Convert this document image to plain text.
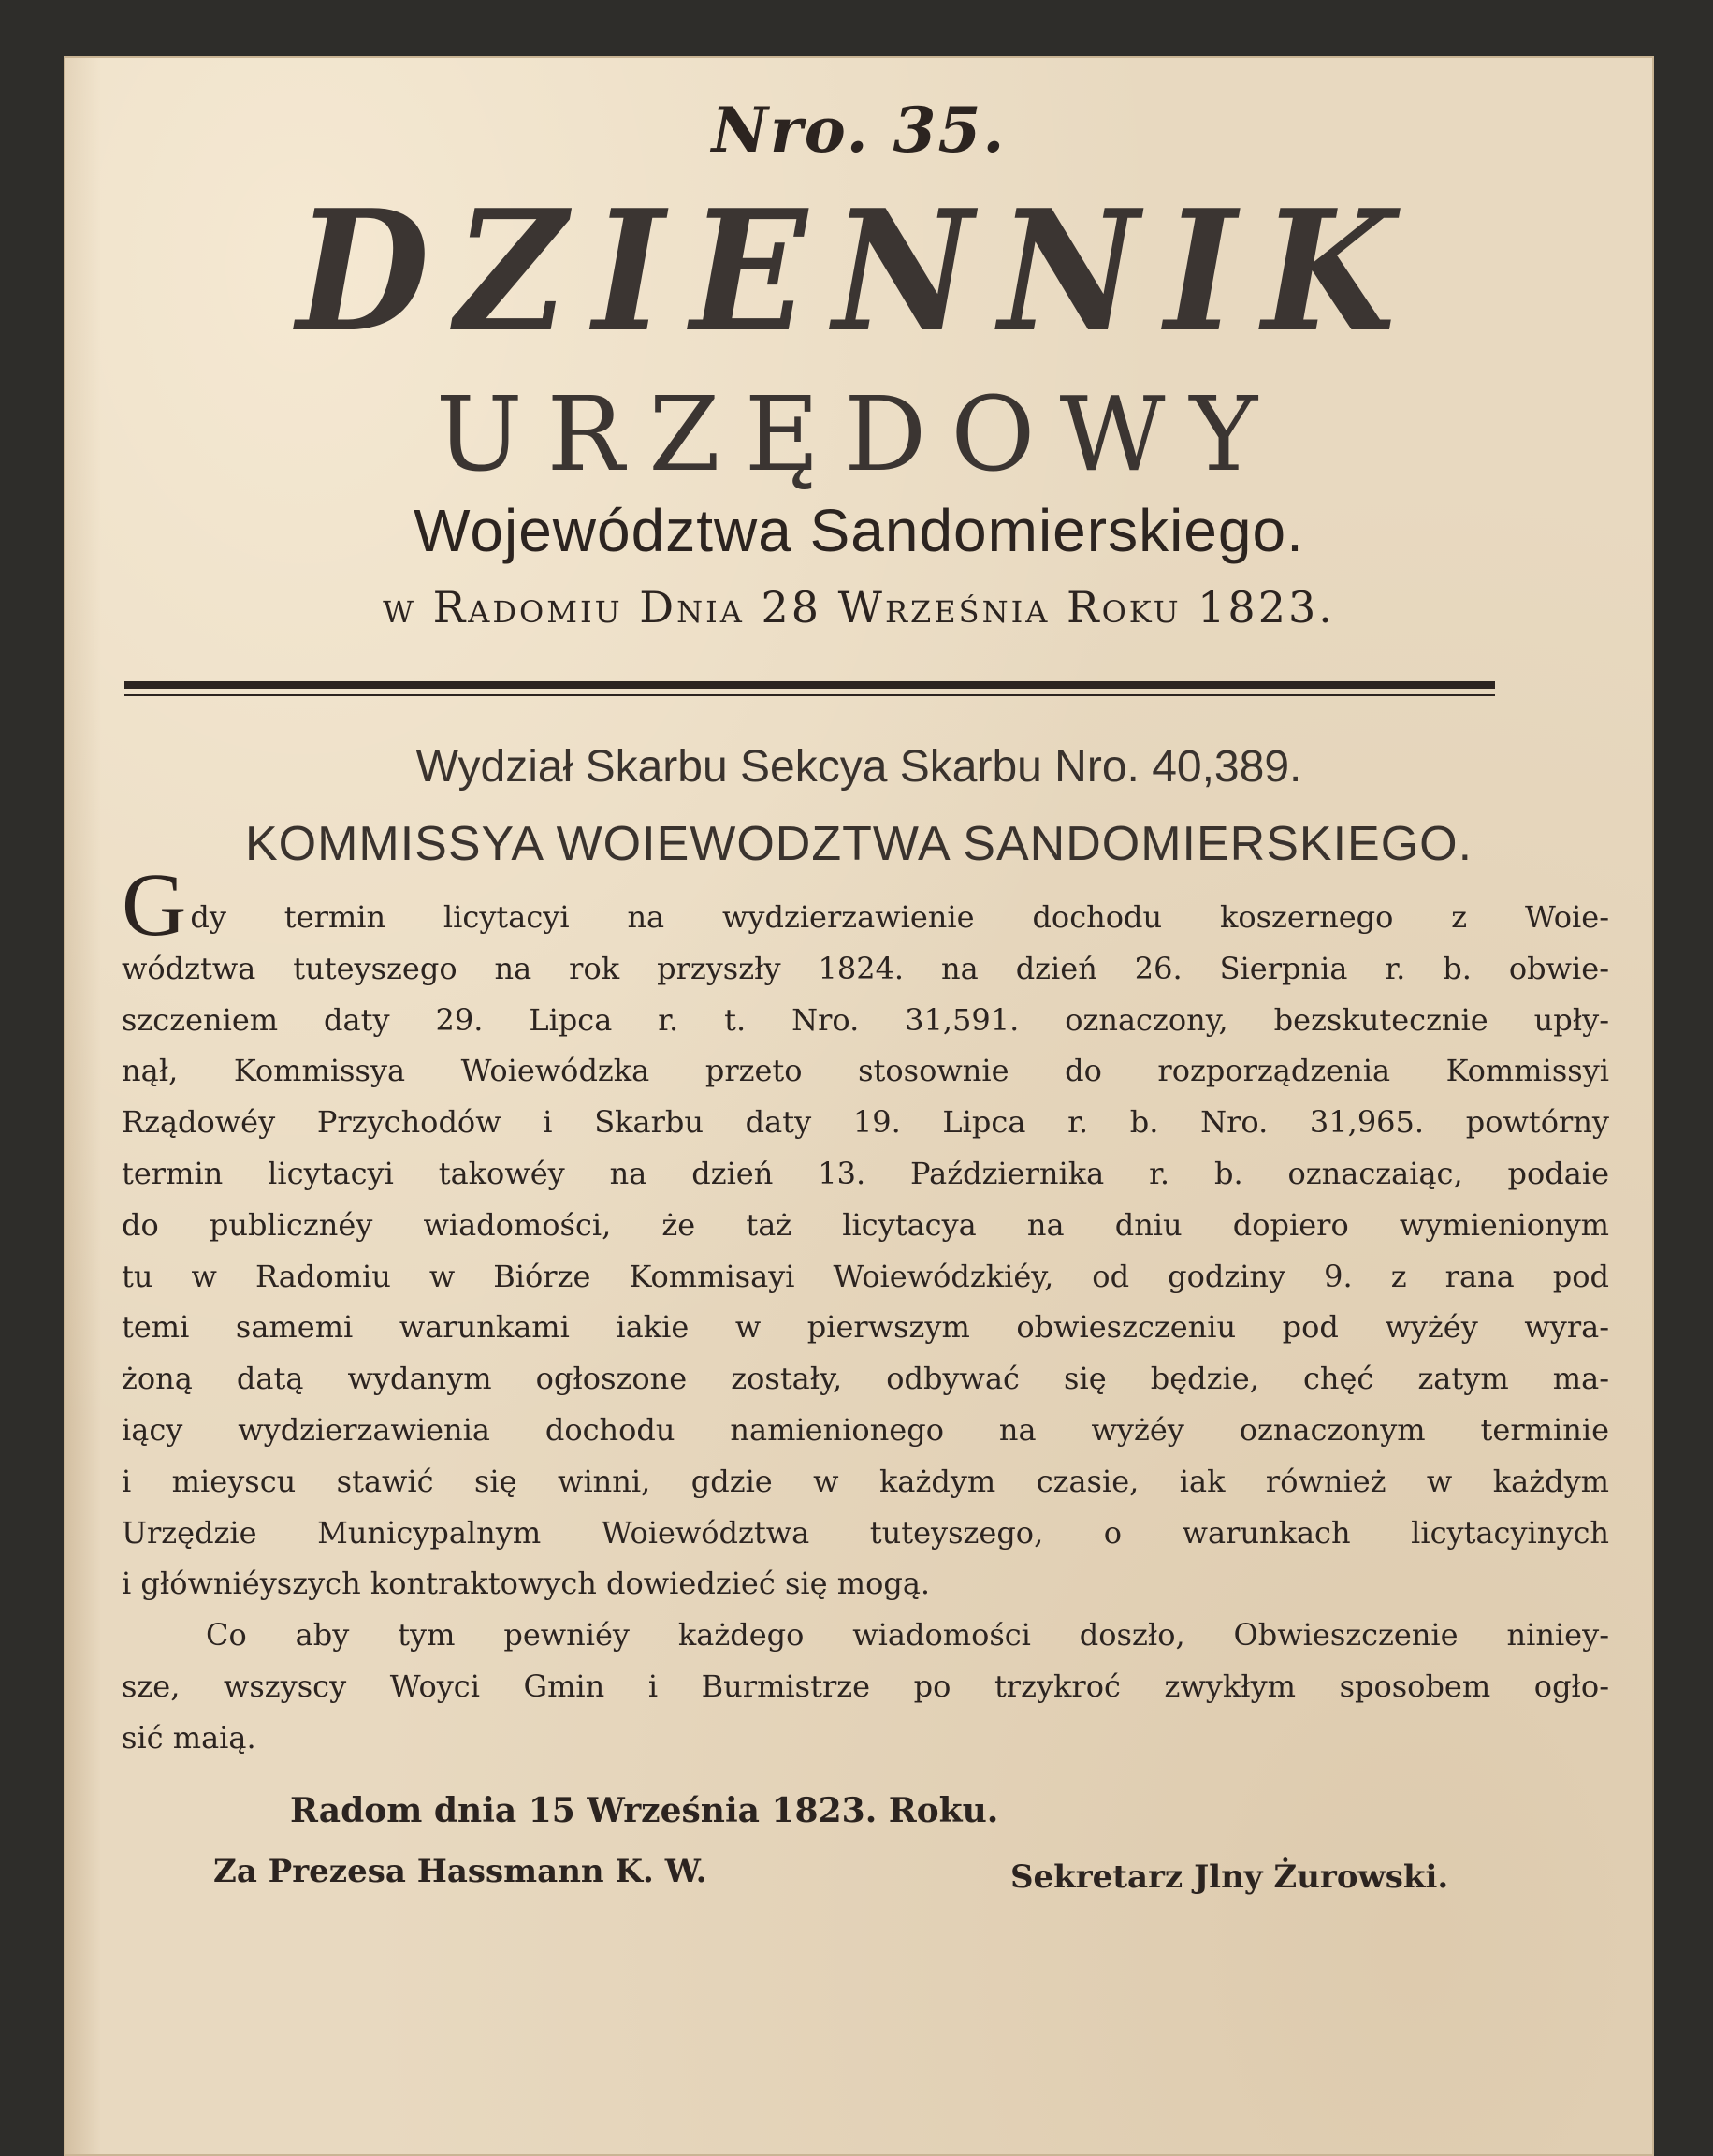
Nro. 35.
DZIENNIK
URZĘDOWY
Województwa Sandomierskiego.
w Radomiu Dnia 28 Września Roku 1823.
Wydział Skarbu Sekcya Skarbu Nro. 40,389.
KOMMISSYA WOIEWODZTWA SANDOMIERSKIEGO.
Gdy termin licytacyi na wydzierzawienie dochodu koszernego z Woie-
wództwa tuteyszego na rok przyszły 1824. na dzień 26. Sierpnia r. b. obwie-
szczeniem daty 29. Lipca r. t. Nro. 31,591. oznaczony, bezskutecznie upły-
nął, Kommissya Woiewódzka przeto stosownie do rozporządzenia Kommissyi
Rządowéy Przychodów i Skarbu daty 19. Lipca r. b. Nro. 31,965. powtórny
termin licytacyi takowéy na dzień 13. Października r. b. oznaczaiąc, podaie
do publicznéy wiadomości, że taż licytacya na dniu dopiero wymienionym
tu w Radomiu w Biórze Kommisayi Woiewódzkiéy, od godziny 9. z rana pod
temi samemi warunkami iakie w pierwszym obwieszczeniu pod wyżéy wyra-
żoną datą wydanym ogłoszone zostały, odbywać się będzie, chęć zatym ma-
iący wydzierzawienia dochodu namienionego na wyżéy oznaczonym terminie
i mieyscu stawić się winni, gdzie w każdym czasie, iak również w każdym
Urzędzie Municypalnym Woiewództwa tuteyszego, o warunkach licytacyinych
i główniéyszych kontraktowych dowiedzieć się mogą.
Co aby tym pewniéy każdego wiadomości doszło, Obwieszczenie niniey-
sze, wszyscy Woyci Gmin i Burmistrze po trzykroć zwykłym sposobem ogło-
sić maią.
Radom dnia 15 Września 1823. Roku.
Za Prezesa Hassmann K. W.	Sekretarz Jlny Żurowski.
